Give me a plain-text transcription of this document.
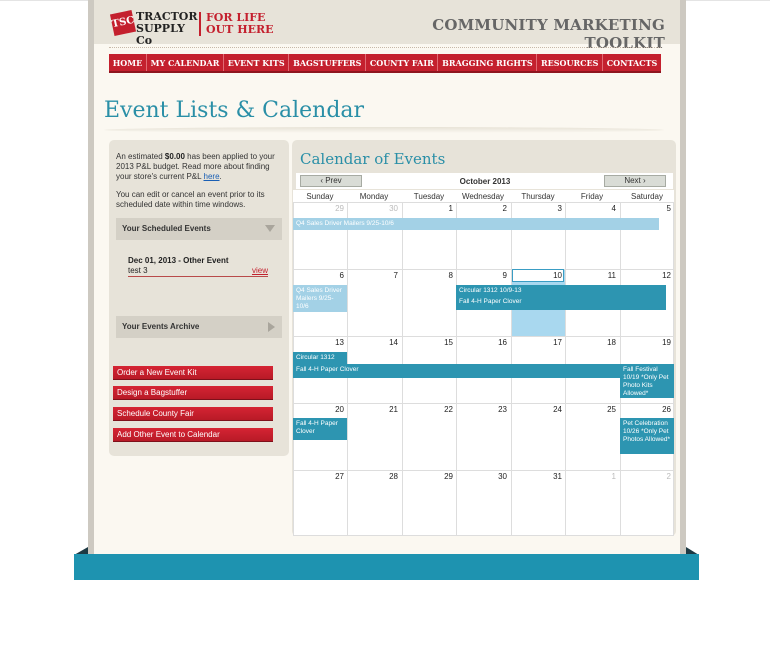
TSC TRACTOR SUPPLY Co
FOR LIFE OUT HERE	COMMUNITY MARKETING TOOLKIT
HOME	MY CALENDAR	EVENT KITS	BAGSTUFFERS	COUNTY FAIR	BRAGGING RIGHTS	RESOURCES	CONTACTS
Event Lists & Calendar
An estimated $0.00 has been applied to your 2013 P&L budget. Read more about finding your store's current P&L here.
You can edit or cancel an event prior to its scheduled date within time windows.
Your Scheduled Events
Dec 01, 2013 - Other Event
test 3	view
Your Events Archive
Order a New Event Kit
Design a Bagstuffer
Schedule County Fair
Add Other Event to Calendar
Calendar of Events
‹ Prev	October 2013	Next ›
Sunday	Monday	Tuesday	Wednesday	Thursday	Friday	Saturday
29	30	1	2	3	4	5
6	7	8	9	10	11	12
13	14	15	16	17	18	19
20	21	22	23	24	25	26
27	28	29	30	31	1	2
Q4 Sales Driver Mailers 9/25-10/6
Q4 Sales Driver Mailers 9/25-10/6
Circular 1312 10/9-13
Fall 4-H Paper Clover
Circular 1312
Fall 4-H Paper Clover	Fall Festival 10/19 *Only Pet Photo Kits Allowed*
Fall 4-H Paper Clover
Pet Celebration 10/26 *Only Pet Photos Allowed*
